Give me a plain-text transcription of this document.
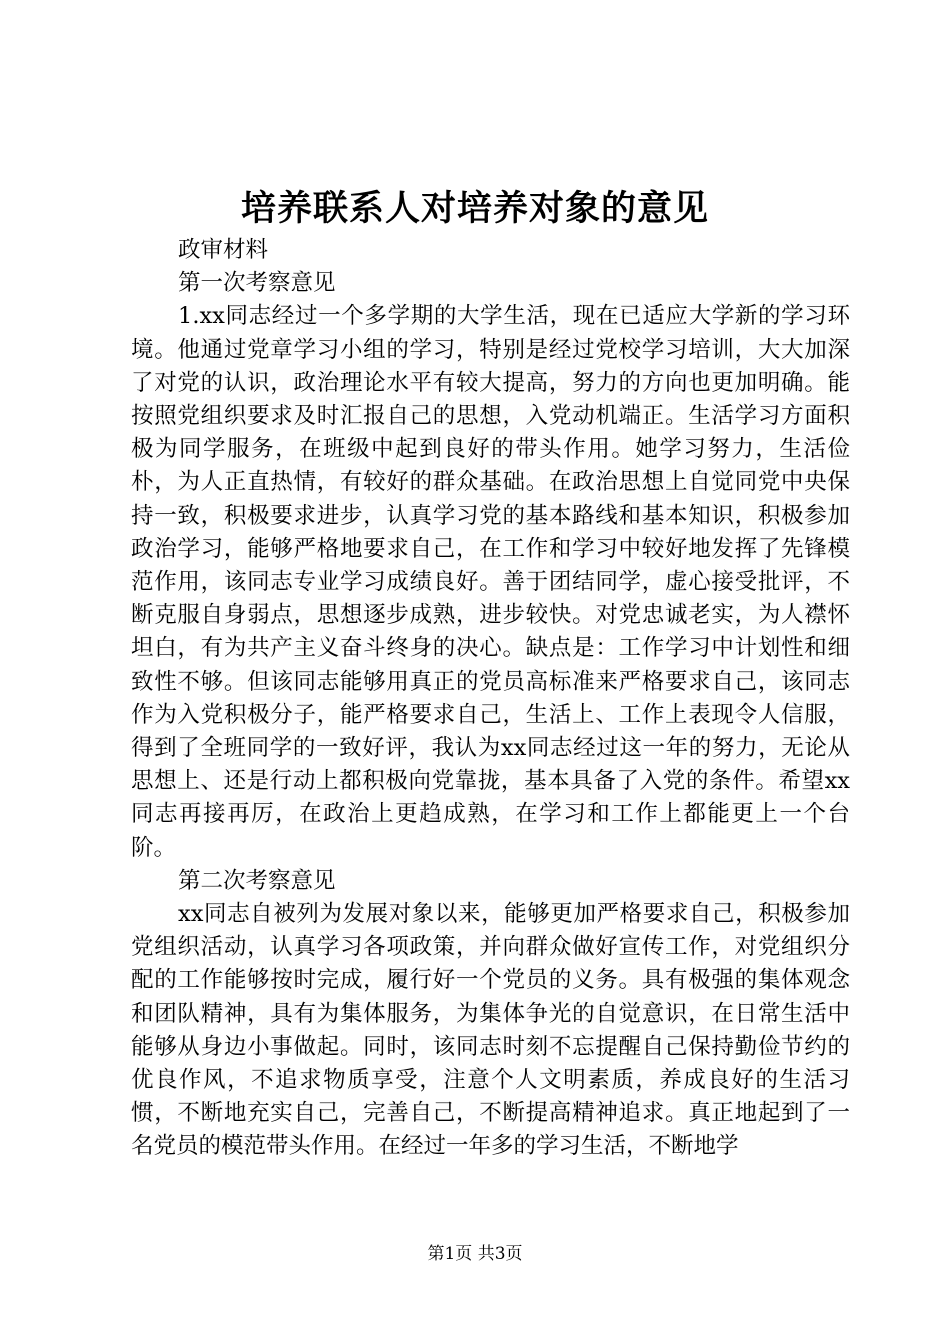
培养联系人对培养对象的意见

政审材料

第一次考察意见

1.xx同志经过一个多学期的大学生活，现在已适应大学新的学习环境。他通过党章学习小组的学习，特别是经过党校学习培训，大大加深了对党的认识，政治理论水平有较大提高，努力的方向也更加明确。能按照党组织要求及时汇报自己的思想，入党动机端正。生活学习方面积极为同学服务，在班级中起到良好的带头作用。她学习努力，生活俭朴，为人正直热情，有较好的群众基础。在政治思想上自觉同党中央保持一致，积极要求进步，认真学习党的基本路线和基本知识，积极参加政治学习，能够严格地要求自己，在工作和学习中较好地发挥了先锋模范作用，该同志专业学习成绩良好。善于团结同学，虚心接受批评，不断克服自身弱点，思想逐步成熟，进步较快。对党忠诚老实，为人襟怀坦白，有为共产主义奋斗终身的决心。缺点是：工作学习中计划性和细致性不够。但该同志能够用真正的党员高标准来严格要求自己，该同志作为入党积极分子，能严格要求自己，生活上、工作上表现令人信服，得到了全班同学的一致好评，我认为xx同志经过这一年的努力，无论从思想上、还是行动上都积极向党靠拢，基本具备了入党的条件。希望xx同志再接再厉，在政治上更趋成熟，在学习和工作上都能更上一个台阶。

第二次考察意见

xx同志自被列为发展对象以来，能够更加严格要求自己，积极参加党组织活动，认真学习各项政策，并向群众做好宣传工作，对党组织分配的工作能够按时完成，履行好一个党员的义务。具有极强的集体观念和团队精神，具有为集体服务，为集体争光的自觉意识，在日常生活中能够从身边小事做起。同时，该同志时刻不忘提醒自己保持勤俭节约的优良作风，不追求物质享受，注意个人文明素质，养成良好的生活习惯，不断地充实自己，完善自己，不断提高精神追求。真正地起到了一名党员的模范带头作用。在经过一年多的学习生活，不断地学

第1页 共3页
